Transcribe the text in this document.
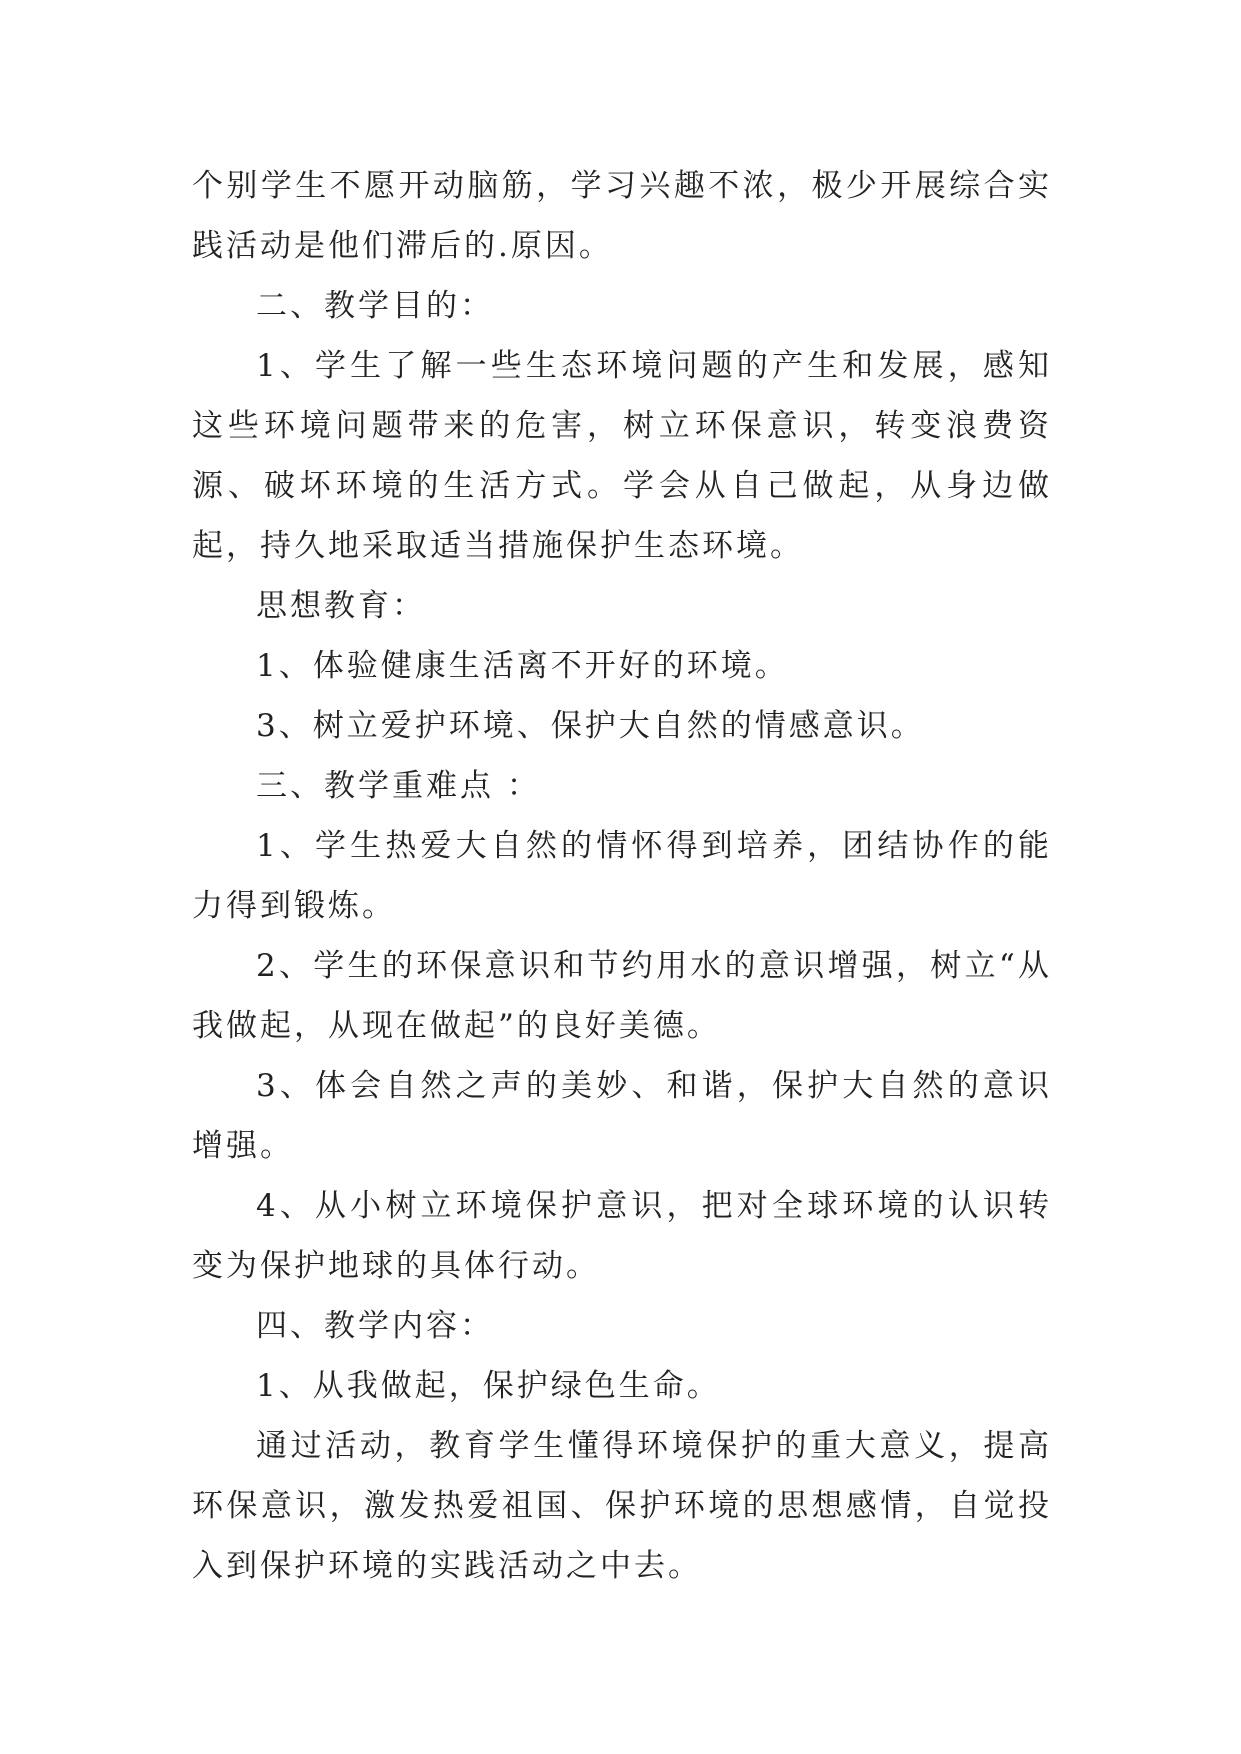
个别学生不愿开动脑筋，学习兴趣不浓，极少开展综合实践活动是他们滞后的.原因。

二、教学目的：

1、学生了解一些生态环境问题的产生和发展，感知这些环境问题带来的危害，树立环保意识，转变浪费资源、破坏环境的生活方式。学会从自己做起，从身边做起，持久地采取适当措施保护生态环境。

思想教育：

1、体验健康生活离不开好的环境。

3、树立爱护环境、保护大自然的情感意识。

三、教学重难点 ：

1、学生热爱大自然的情怀得到培养，团结协作的能力得到锻炼。

2、学生的环保意识和节约用水的意识增强，树立“从我做起，从现在做起”的良好美德。

3、体会自然之声的美妙、和谐，保护大自然的意识增强。

4、从小树立环境保护意识，把对全球环境的认识转变为保护地球的具体行动。

四、教学内容：

1、从我做起，保护绿色生命。

通过活动，教育学生懂得环境保护的重大意义，提高环保意识，激发热爱祖国、保护环境的思想感情，自觉投入到保护环境的实践活动之中去。
